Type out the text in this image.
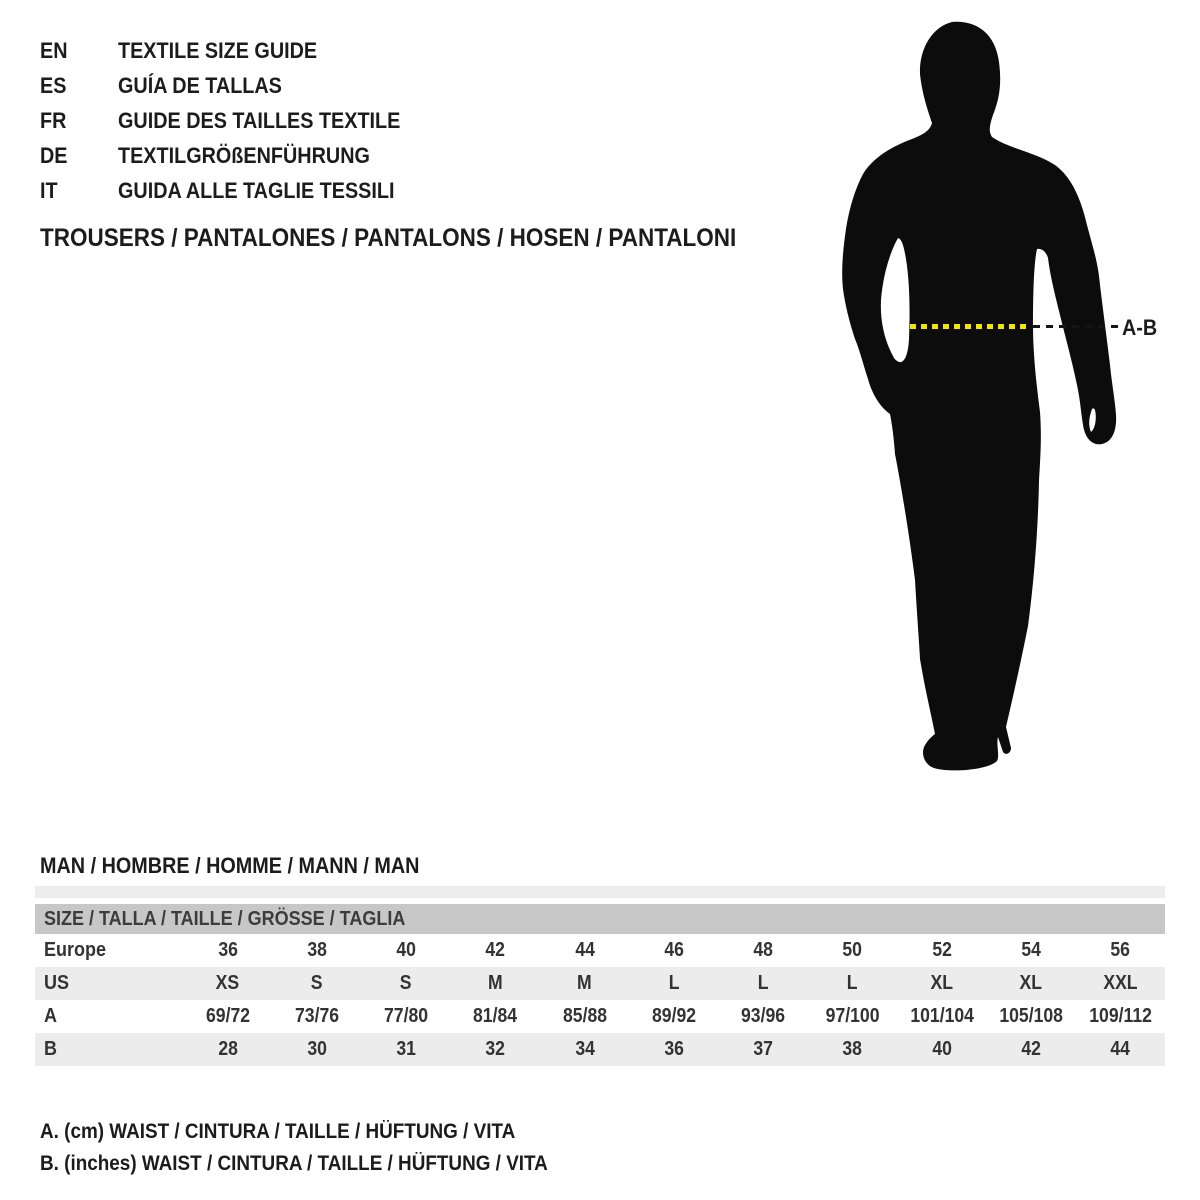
EN	TEXTILE SIZE GUIDE
ES	GUÍA DE TALLAS
FR	GUIDE DES TAILLES TEXTILE
DE	TEXTILGRÖßENFÜHRUNG
IT	GUIDA ALLE TAGLIE TESSILI
TROUSERS / PANTALONES / PANTALONS / HOSEN / PANTALONI
A-B
MAN / HOMBRE / HOMME / MANN / MAN
SIZE / TALLA / TAILLE / GRÖSSE / TAGLIA
Europe	36	38	40	42	44	46	48	50	52	54	56
US	XS	S	S	M	M	L	L	L	XL	XL	XXL
A	69/72 73/76 77/80 81/84 85/88 89/92 93/96 97/100 101/104 105/108 109/112
B	28	30	31	32	34	36	37	38	40	42	44
A. (cm) WAIST / CINTURA / TAILLE / HÜFTUNG / VITA
B. (inches) WAIST / CINTURA / TAILLE / HÜFTUNG / VITA
